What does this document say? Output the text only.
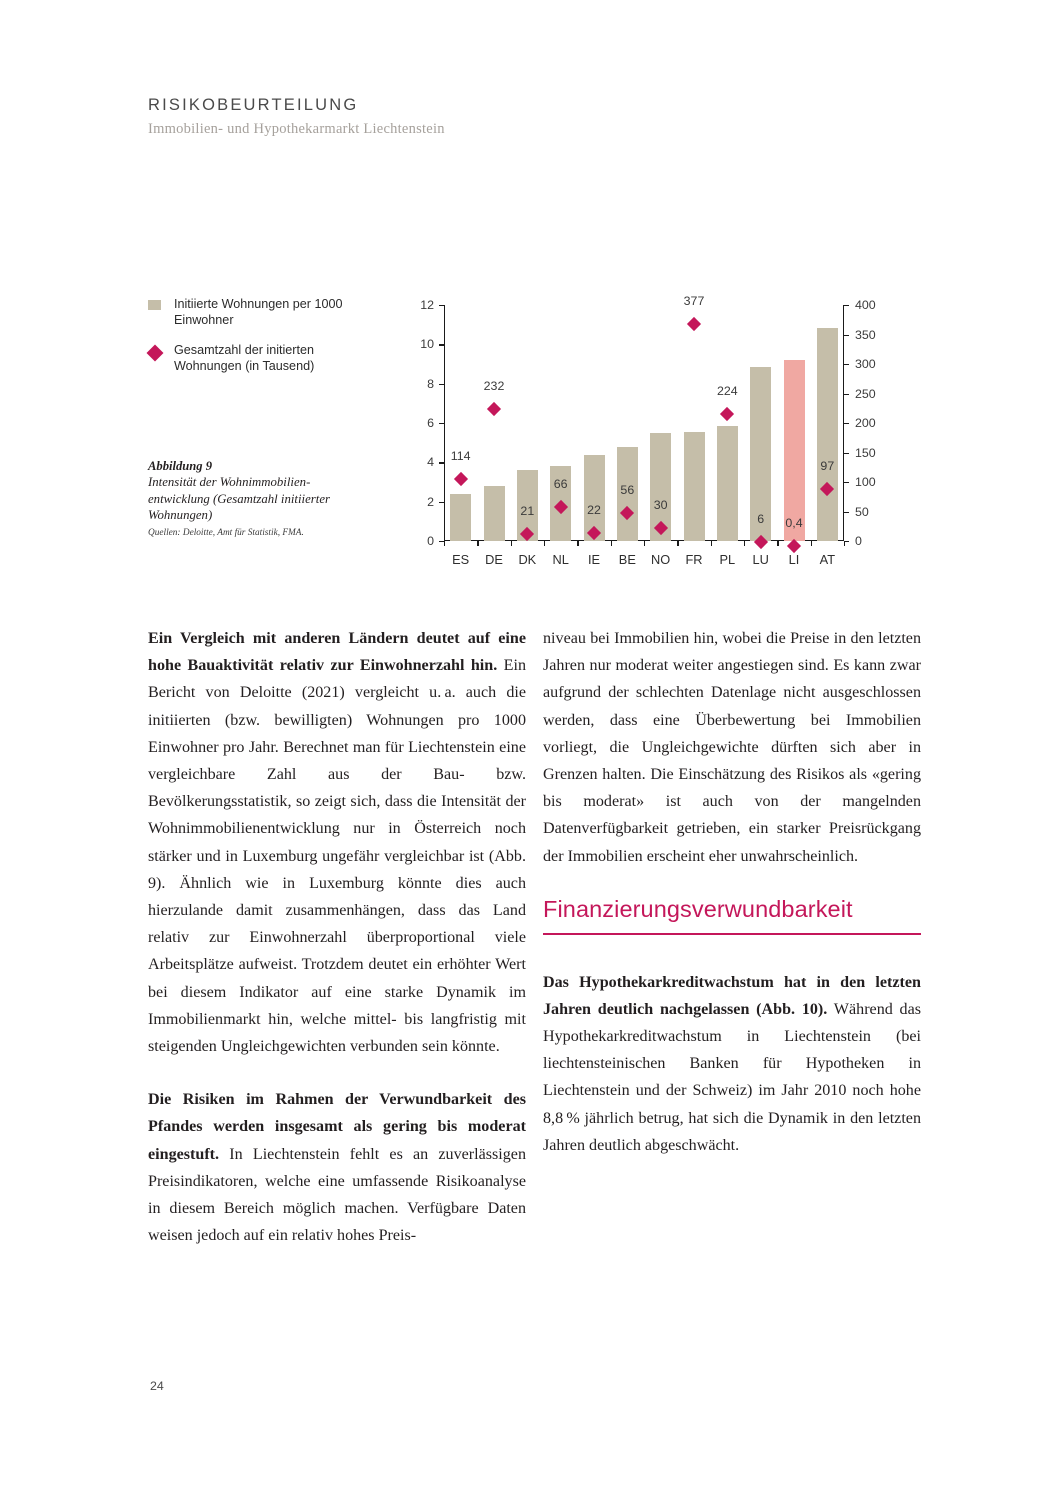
RISIKOBEURTEILUNG
Immobilien- und Hypothekarmarkt Liechtenstein
Initiierte Wohnungen per 1000 Einwohner
Gesamtzahl der initierten Wohnungen (in Tausend)
Abbildung 9
Intensität der Wohnimmobilienentwicklung (Gesamtzahl initiierter Wohnungen)
Quellen: Deloitte, Amt für Statistik, FMA.
0
2
4
6
8
10
12
0
50
100
150
200
250
300
350
400
114
ES
232
DE
21
DK
66
NL
22
IE
56
BE
30
NO
377
FR
224
PL
6
LU
0,4
LI
97
AT

Ein Vergleich mit anderen Ländern deutet auf eine hohe Bauaktivität relativ zur Einwohnerzahl hin. Ein Bericht von Deloitte (2021) vergleicht u. a. auch die initiierten (bzw. bewilligten) Wohnungen pro 1000 Einwohner pro Jahr. Berechnet man für Liechtenstein eine vergleichbare Zahl aus der Bau- bzw. Bevölkerungsstatistik, so zeigt sich, dass die Intensität der Wohnimmobilienentwicklung nur in Österreich noch stärker und in Luxemburg ungefähr vergleichbar ist (Abb. 9). Ähnlich wie in Luxemburg könnte dies auch hierzulande damit zusammenhängen, dass das Land relativ zur Einwohnerzahl überproportional viele Arbeitsplätze aufweist. Trotzdem deutet ein erhöhter Wert bei diesem Indikator auf eine starke Dynamik im Immobilienmarkt hin, welche mittel- bis langfristig mit steigenden Ungleichgewichten verbunden sein könnte.

Die Risiken im Rahmen der Verwundbarkeit des Pfandes werden insgesamt als gering bis moderat eingestuft. In Liechtenstein fehlt es an zuverlässigen Preisindikatoren, welche eine umfassende Risikoanalyse in diesem Bereich möglich machen. Verfügbare Daten weisen jedoch auf ein relativ hohes Preis-

niveau bei Immobilien hin, wobei die Preise in den letzten Jahren nur moderat weiter angestiegen sind. Es kann zwar aufgrund der schlechten Datenlage nicht ausgeschlossen werden, dass eine Überbewertung bei Immobilien vorliegt, die Ungleichgewichte dürften sich aber in Grenzen halten. Die Einschätzung des Risikos als «gering bis moderat» ist auch von der mangelnden Datenverfügbarkeit getrieben, ein starker Preisrückgang der Immobilien erscheint eher unwahrscheinlich.

Finanzierungsverwundbarkeit

Das Hypothekarkreditwachstum hat in den letzten Jahren deutlich nachgelassen (Abb. 10). Während das Hypothekarkreditwachstum in Liechtenstein (bei liechtensteinischen Banken für Hypotheken in Liechtenstein und der Schweiz) im Jahr 2010 noch hohe 8,8 % jährlich betrug, hat sich die Dynamik in den letzten Jahren deutlich abgeschwächt.

24
